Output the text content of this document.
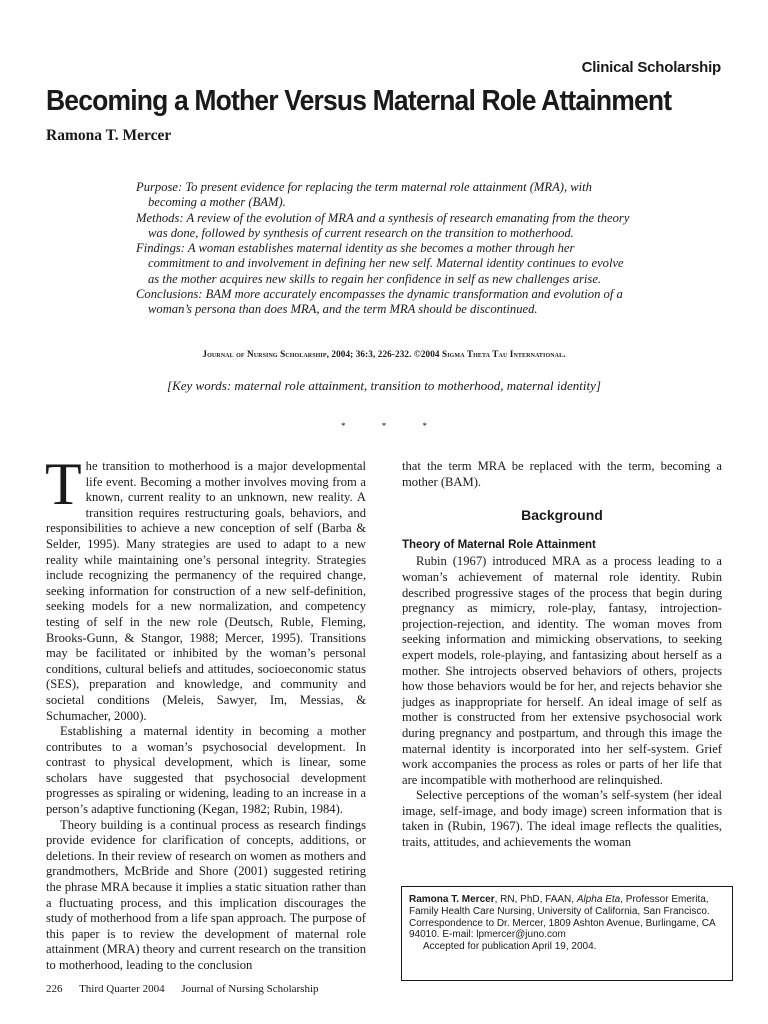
Clinical Scholarship
Becoming a Mother Versus Maternal Role Attainment
Ramona T. Mercer

Purpose: To present evidence for replacing the term maternal role attainment (MRA), with becoming a mother (BAM).

Methods: A review of the evolution of MRA and a synthesis of research emanating from the theory was done, followed by synthesis of current research on the transition to motherhood.

Findings: A woman establishes maternal identity as she becomes a mother through her commitment to and involvement in defining her new self. Maternal identity continues to evolve as the mother acquires new skills to regain her confidence in self as new challenges arise.

Conclusions: BAM more accurately encompasses the dynamic transformation and evolution of a woman’s persona than does MRA, and the term MRA should be discontinued.

Journal of Nursing Scholarship, 2004; 36:3, 226-232. ©2004 Sigma Theta Tau International.
[Key words: maternal role attainment, transition to motherhood, maternal identity]
* * *

The transition to motherhood is a major developmental life event. Becoming a mother involves moving from a known, current reality to an unknown, new reality. A transition requires restructuring goals, behaviors, and responsibilities to achieve a new conception of self (Barba & Selder, 1995). Many strategies are used to adapt to a new reality while maintaining one’s personal integrity. Strategies include recognizing the permanency of the required change, seeking information for construction of a new self-definition, seeking models for a new normalization, and competency testing of self in the new role (Deutsch, Ruble, Fleming, Brooks-Gunn, & Stangor, 1988; Mercer, 1995). Transitions may be facilitated or inhibited by the woman’s personal conditions, cultural beliefs and attitudes, socioeconomic status (SES), preparation and knowledge, and community and societal conditions (Meleis, Sawyer, Im, Messias, & Schumacher, 2000).

Establishing a maternal identity in becoming a mother contributes to a woman’s psychosocial development. In contrast to physical development, which is linear, some scholars have suggested that psychosocial development progresses as spiraling or widening, leading to an increase in a person’s adaptive functioning (Kegan, 1982; Rubin, 1984).

Theory building is a continual process as research findings provide evidence for clarification of concepts, additions, or deletions. In their review of research on women as mothers and grandmothers, McBride and Shore (2001) suggested retiring the phrase MRA because it implies a static situation rather than a fluctuating process, and this implication discourages the study of motherhood from a life span approach. The purpose of this paper is to review the development of maternal role attainment (MRA) theory and current research on the transition to motherhood, leading to the conclusion

that the term MRA be replaced with the term, becoming a mother (BAM).

Background
Theory of Maternal Role Attainment

Rubin (1967) introduced MRA as a process leading to a woman’s achievement of maternal role identity. Rubin described progressive stages of the process that begin during pregnancy as mimicry, role-play, fantasy, introjection-projection-rejection, and identity. The woman moves from seeking information and mimicking observations, to seeking expert models, role-playing, and fantasizing about herself as a mother. She introjects observed behaviors of others, projects how those behaviors would be for her, and rejects behavior she judges as inappropriate for herself. An ideal image of self as mother is constructed from her extensive psychosocial work during pregnancy and postpartum, and through this image the maternal identity is incorporated into her self-system. Grief work accompanies the process as roles or parts of her life that are incompatible with motherhood are relinquished.

Selective perceptions of the woman’s self-system (her ideal image, self-image, and body image) screen information that is taken in (Rubin, 1967). The ideal image reflects the qualities, traits, attitudes, and achievements the woman

Ramona T. Mercer, RN, PhD, FAAN, Alpha Eta, Professor Emerita, Family Health Care Nursing, University of California, San Francisco. Correspondence to Dr. Mercer, 1809 Ashton Avenue, Burlingame, CA 94010. E-mail: lpmercer@juno.com

Accepted for publication April 19, 2004.

226 Third Quarter 2004 Journal of Nursing Scholarship
